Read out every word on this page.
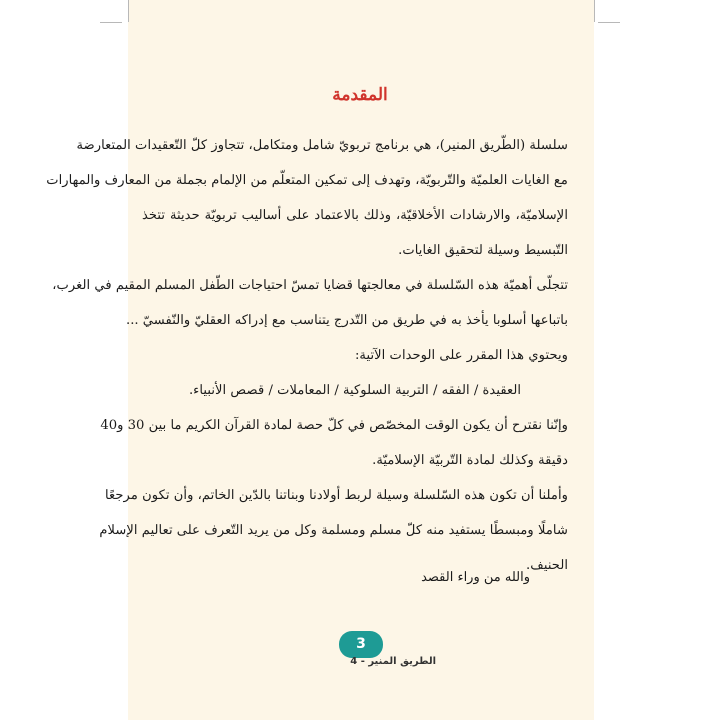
المقدمة
سلسلة (الطّريق المنير)، هي برنامج تربويّ شامل ومتكامل، تتجاوز كلّ التّعقيدات المتعارضة
مع الغايات العلميّة والتّربويّة، وتهدف إلى تمكين المتعلّم من الإلمام بجملة من المعارف والمهارات
الإسلاميّة، والارشادات الأخلاقيّة، وذلك بالاعتماد على أساليب تربويّة حديثة تتخذ
التّبسيط وسيلة لتحقيق الغايات.
تتجلّى أهميّة هذه السّلسلة في معالجتها قضايا تمسّ احتياجات الطّفل المسلم المقيم في الغرب،
باتباعها أسلوبا يأخذ به في طريق من التّدرج يتناسب مع إدراكه العقليّ والنّفسيّ ...
ويحتوي هذا المقرر على الوحدات الآتية:
العقيدة / الفقه / التربية السلوكية / المعاملات / قصص الأنبياء.
وإنّنا نقترح أن يكون الوقت المخصّص في كلّ حصة لمادة القرآن الكريم ما بين 30 و40
دقيقة وكذلك لمادة التّربيّة الإسلاميّة.
وأملنا أن تكون هذه السّلسلة وسيلة لربط أولادنا وبناتنا بالدّين الخاتم، وأن تكون مرجعًا
شاملًا ومبسطًا يستفيد منه كلّ مسلم ومسلمة وكل من يريد التّعرف على تعاليم الإسلام
الحنيف.
والله من وراء القصد
3
الطريق المنير - 4
